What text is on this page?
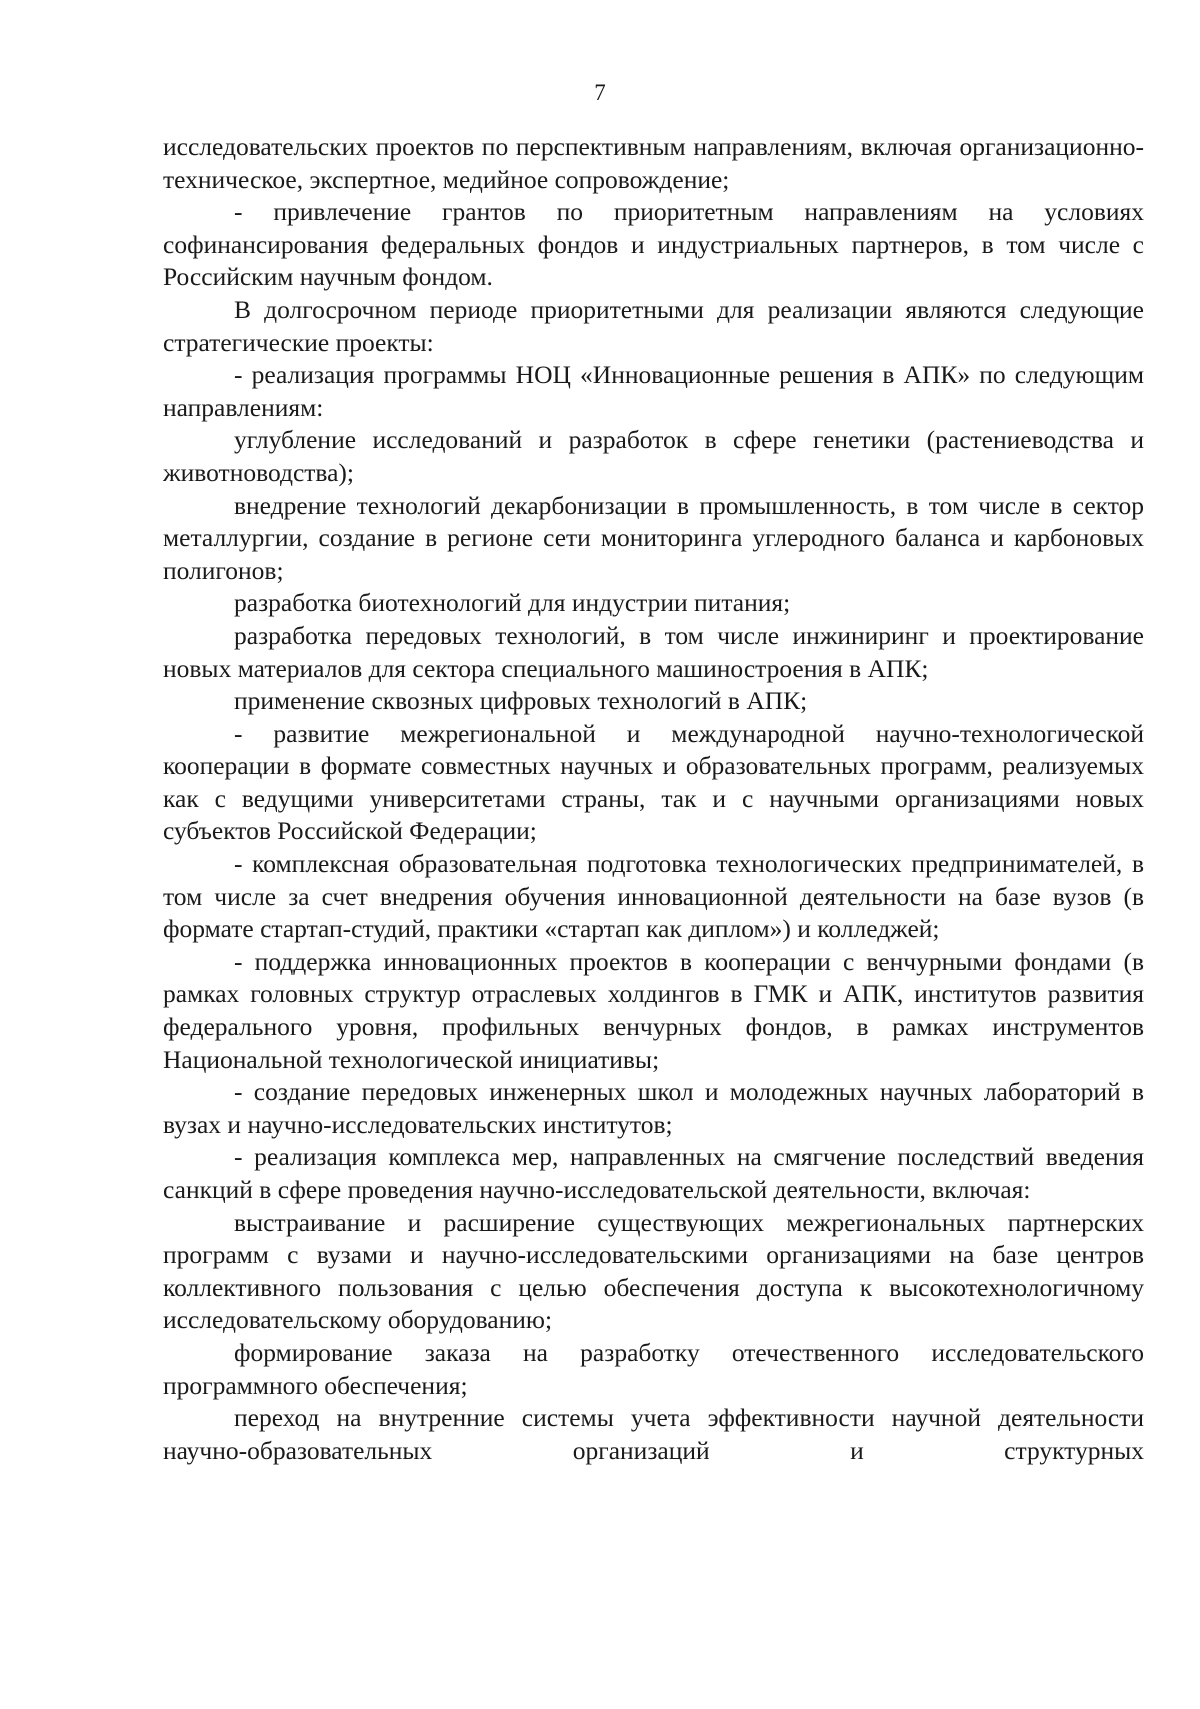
7

исследовательских проектов по перспективным направлениям, включая организационно-техническое, экспертное, медийное сопровождение;

- привлечение грантов по приоритетным направлениям на условиях софинансирования федеральных фондов и индустриальных партнеров, в том числе с Российским научным фондом.

В долгосрочном периоде приоритетными для реализации являются следующие стратегические проекты:

- реализация программы НОЦ «Инновационные решения в АПК» по следующим направлениям:

углубление исследований и разработок в сфере генетики (растениеводства и животноводства);

внедрение технологий декарбонизации в промышленность, в том числе в сектор металлургии, создание в регионе сети мониторинга углеродного баланса и карбоновых полигонов;

разработка биотехнологий для индустрии питания;

разработка передовых технологий, в том числе инжиниринг и проектирование новых материалов для сектора специального машиностроения в АПК;

применение сквозных цифровых технологий в АПК;

- развитие межрегиональной и международной научно-технологической кооперации в формате совместных научных и образовательных программ, реализуемых как с ведущими университетами страны, так и с научными организациями новых субъектов Российской Федерации;

- комплексная образовательная подготовка технологических предпринимателей, в том числе за счет внедрения обучения инновационной деятельности на базе вузов (в формате стартап-студий, практики «стартап как диплом») и колледжей;

- поддержка инновационных проектов в кооперации с венчурными фондами (в рамках головных структур отраслевых холдингов в ГМК и АПК, институтов развития федерального уровня, профильных венчурных фондов, в рамках инструментов Национальной технологической инициативы;

- создание передовых инженерных школ и молодежных научных лабораторий в вузах и научно-исследовательских институтов;

- реализация комплекса мер, направленных на смягчение последствий введения санкций в сфере проведения научно-исследовательской деятельности, включая:

выстраивание и расширение существующих межрегиональных партнерских программ с вузами и научно-исследовательскими организациями на базе центров коллективного пользования с целью обеспечения доступа к высокотехнологичному исследовательскому оборудованию;

формирование заказа на разработку отечественного исследовательского программного обеспечения;

переход на внутренние системы учета эффективности научной деятельности научно-образовательных организаций и структурных
